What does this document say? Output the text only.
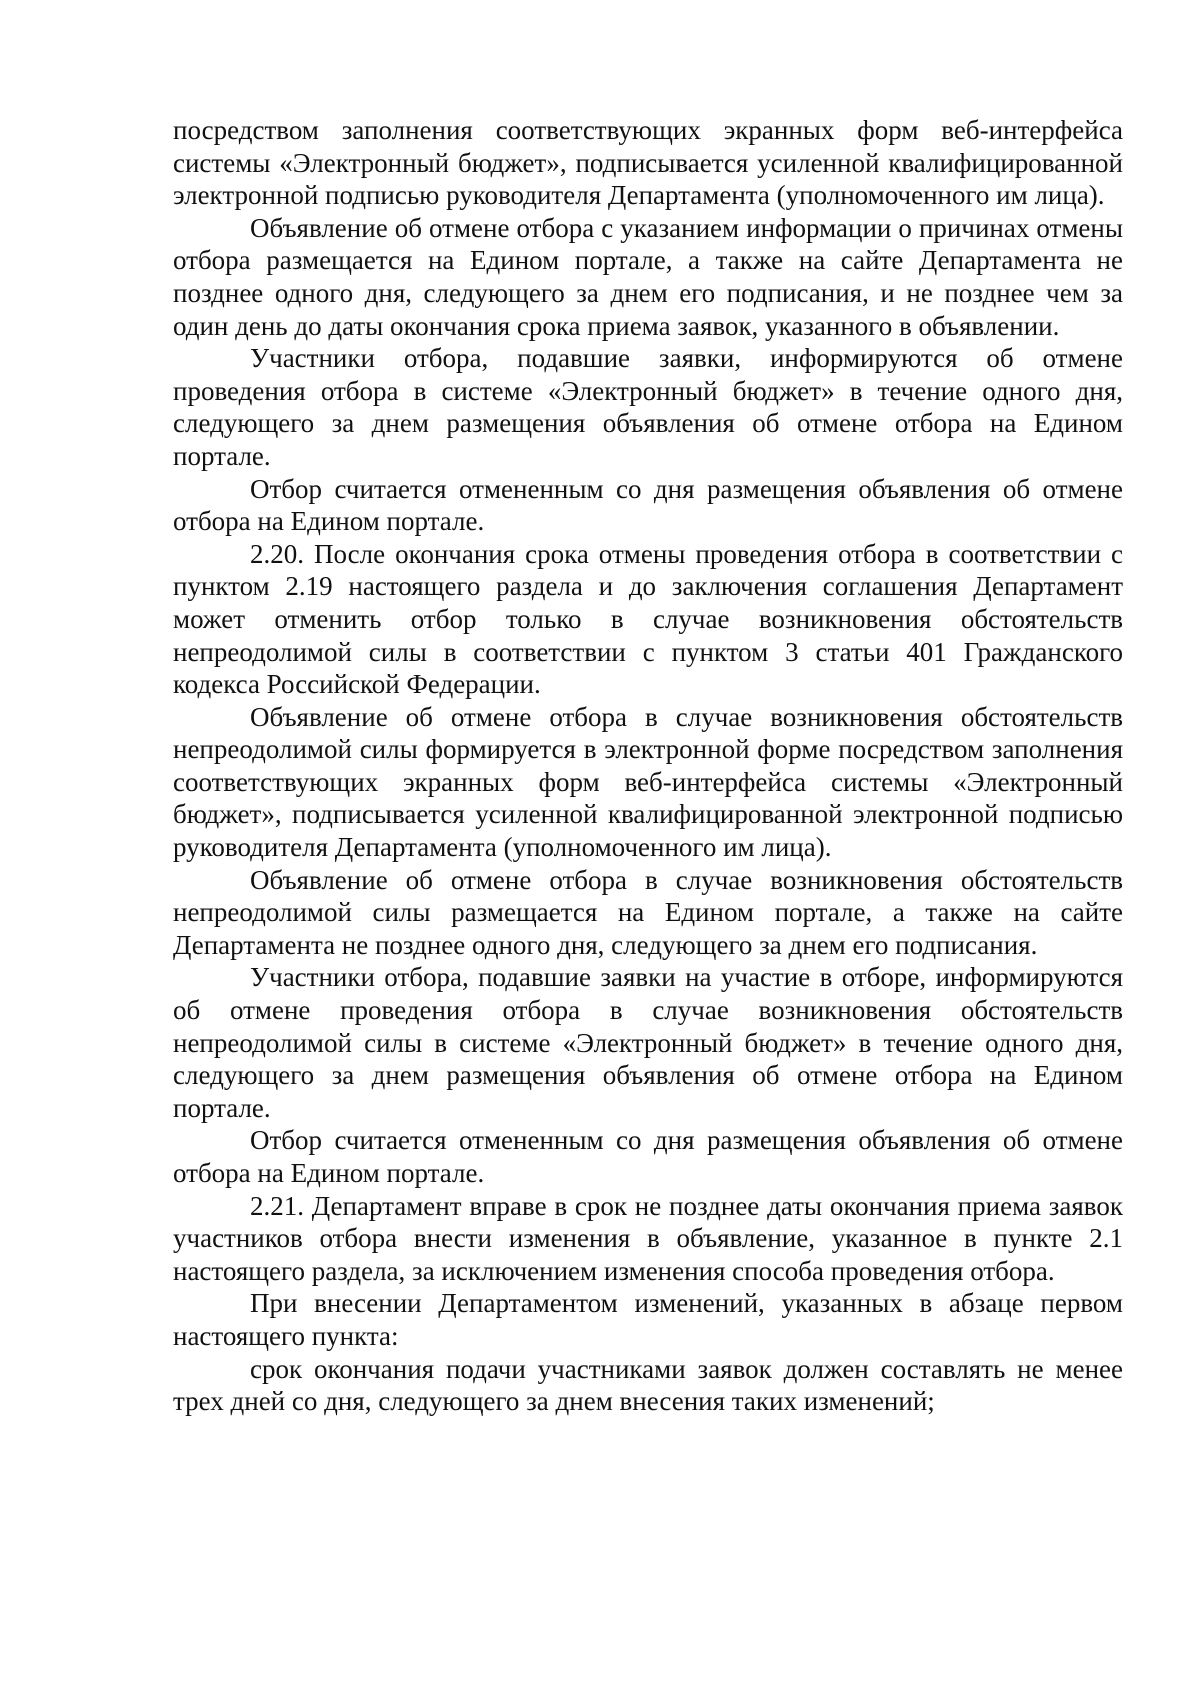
посредством заполнения соответствующих экранных форм веб-интерфейса системы «Электронный бюджет», подписывается усиленной квалифицированной электронной подписью руководителя Департамента (уполномоченного им лица).

Объявление об отмене отбора с указанием информации о причинах отмены отбора размещается на Едином портале, а также на сайте Департамента не позднее одного дня, следующего за днем его подписания, и не позднее чем за один день до даты окончания срока приема заявок, указанного в объявлении.

Участники отбора, подавшие заявки, информируются об отмене проведения отбора в системе «Электронный бюджет» в течение одного дня, следующего за днем размещения объявления об отмене отбора на Едином портале.

Отбор считается отмененным со дня размещения объявления об отмене отбора на Едином портале.

2.20. После окончания срока отмены проведения отбора в соответствии с пунктом 2.19 настоящего раздела и до заключения соглашения Департамент может отменить отбор только в случае возникновения обстоятельств непреодолимой силы в соответствии с пунктом 3 статьи 401 Гражданского кодекса Российской Федерации.

Объявление об отмене отбора в случае возникновения обстоятельств непреодолимой силы формируется в электронной форме посредством заполнения соответствующих экранных форм веб-интерфейса системы «Электронный бюджет», подписывается усиленной квалифицированной электронной подписью руководителя Департамента (уполномоченного им лица).

Объявление об отмене отбора в случае возникновения обстоятельств непреодолимой силы размещается на Едином портале, а также на сайте Департамента не позднее одного дня, следующего за днем его подписания.

Участники отбора, подавшие заявки на участие в отборе, информируются об отмене проведения отбора в случае возникновения обстоятельств непреодолимой силы в системе «Электронный бюджет» в течение одного дня, следующего за днем размещения объявления об отмене отбора на Едином портале.

Отбор считается отмененным со дня размещения объявления об отмене отбора на Едином портале.

2.21. Департамент вправе в срок не позднее даты окончания приема заявок участников отбора внести изменения в объявление, указанное в пункте 2.1 настоящего раздела, за исключением изменения способа проведения отбора.

При внесении Департаментом изменений, указанных в абзаце первом настоящего пункта:

срок окончания подачи участниками заявок должен составлять не менее трех дней со дня, следующего за днем внесения таких изменений;
